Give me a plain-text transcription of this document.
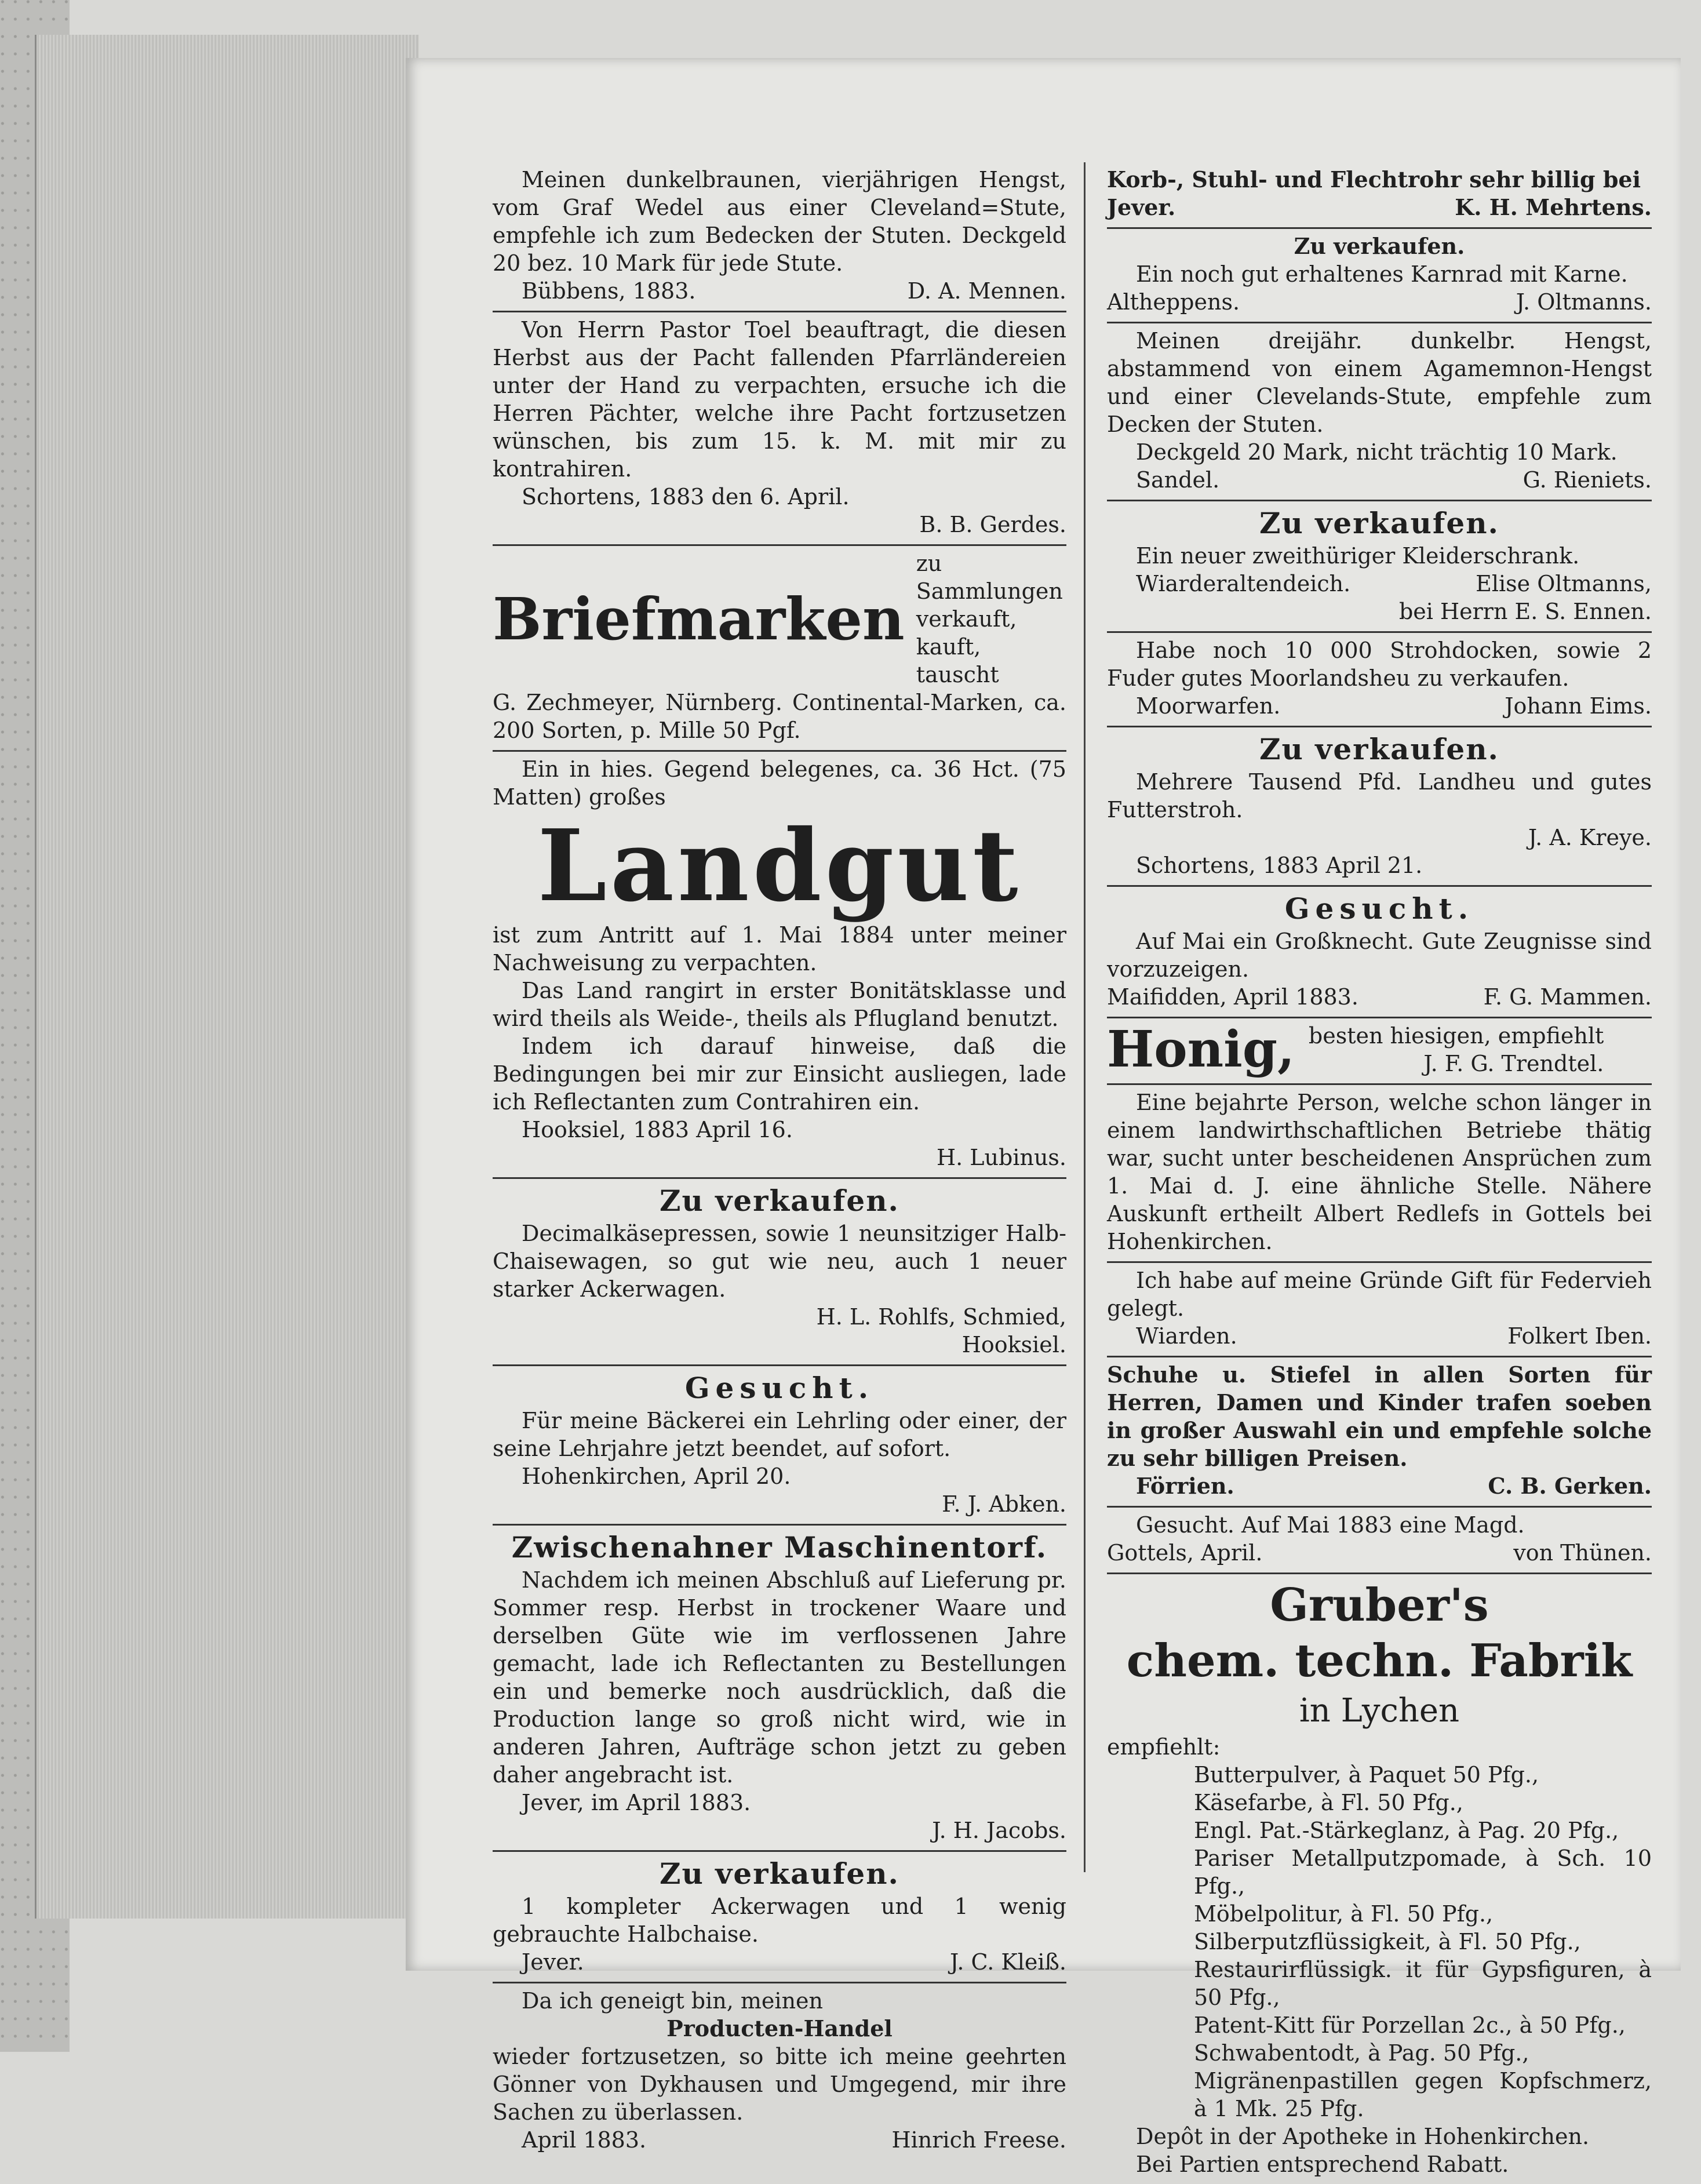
Meinen dunkelbraunen, vierjährigen Hengst, vom Graf Wedel aus einer Cleveland=Stute, empfehle ich zum Bedecken der Stuten. Deckgeld 20 bez. 10 Mark für jede Stute.

Bübbens, 1883.	D. A. Mennen.

Von Herrn Pastor Toel beauftragt, die diesen Herbst aus der Pacht fallenden Pfarrländereien unter der Hand zu verpachten, ersuche ich die Herren Pächter, welche ihre Pacht fortzusetzen wünschen, bis zum 15. k. M. mit mir zu kontrahiren.

Schortens, 1883 den 6. April.

B. B. Gerdes.

Briefmarken
zu Sammlungen verkauft, kauft, tauscht

G. Zechmeyer, Nürnberg. Continental-Marken, ca. 200 Sorten, p. Mille 50 Pgf.

Ein in hies. Gegend belegenes, ca. 36 Hct. (75 Matten) großes

Landgut

ist zum Antritt auf 1. Mai 1884 unter meiner Nachweisung zu verpachten.

Das Land rangirt in erster Bonitätsklasse und wird theils als Weide-, theils als Pflugland benutzt.

Indem ich darauf hinweise, daß die Bedingungen bei mir zur Einsicht ausliegen, lade ich Reflectanten zum Contrahiren ein.

Hooksiel, 1883 April 16.

H. Lubinus.

Zu verkaufen.

Decimalkäsepressen, sowie 1 neunsitziger Halb-Chaisewagen, so gut wie neu, auch 1 neuer starker Ackerwagen.

H. L. Rohlfs, Schmied,

Hooksiel.

Gesucht.

Für meine Bäckerei ein Lehrling oder einer, der seine Lehrjahre jetzt beendet, auf sofort.

Hohenkirchen, April 20.

F. J. Abken.

Zwischenahner Maschinentorf.

Nachdem ich meinen Abschluß auf Lieferung pr. Sommer resp. Herbst in trockener Waare und derselben Güte wie im verflossenen Jahre gemacht, lade ich Reflectanten zu Bestellungen ein und bemerke noch ausdrücklich, daß die Production lange so groß nicht wird, wie in anderen Jahren, Aufträge schon jetzt zu geben daher angebracht ist.

Jever, im April 1883.

J. H. Jacobs.

Zu verkaufen.

1 kompleter Ackerwagen und 1 wenig gebrauchte Halbchaise.

Jever.	J. C. Kleiß.

Da ich geneigt bin, meinen

Producten-Handel

wieder fortzusetzen, so bitte ich meine geehrten Gönner von Dykhausen und Umgegend, mir ihre Sachen zu überlassen.

April 1883.	Hinrich Freese.

Korb-, Stuhl- und Flechtrohr sehr billig bei

Jever.	K. H. Mehrtens.
Zu verkaufen.

Ein noch gut erhaltenes Karnrad mit Karne.

Altheppens.	J. Oltmanns.

Meinen dreijähr. dunkelbr. Hengst, abstammend von einem Agamemnon-Hengst und einer Clevelands-Stute, empfehle zum Decken der Stuten.

Deckgeld 20 Mark, nicht trächtig 10 Mark.

Sandel.	G. Rieniets.
Zu verkaufen.

Ein neuer zweithüriger Kleiderschrank.

Wiarderaltendeich.	Elise Oltmanns,

bei Herrn E. S. Ennen.

Habe noch 10 000 Strohdocken, sowie 2 Fuder gutes Moorlandsheu zu verkaufen.

Moorwarfen.	Johann Eims.
Zu verkaufen.

Mehrere Tausend Pfd. Landheu und gutes Futterstroh.

J. A. Kreye.

Schortens, 1883 April 21.

Gesucht.

Auf Mai ein Großknecht. Gute Zeugnisse sind vorzuzeigen.

Maifidden, April 1883.	F. G. Mammen.
Honig, besten hiesigen, empfiehlt

J. F. G. Trendtel.

Eine bejahrte Person, welche schon länger in einem landwirthschaftlichen Betriebe thätig war, sucht unter bescheidenen Ansprüchen zum 1. Mai d. J. eine ähnliche Stelle. Nähere Auskunft ertheilt Albert Redlefs in Gottels bei Hohenkirchen.

Ich habe auf meine Gründe Gift für Federvieh gelegt.

Wiarden.	Folkert Iben.

Schuhe u. Stiefel in allen Sorten für Herren, Damen und Kinder trafen soeben in großer Auswahl ein und empfehle solche zu sehr billigen Preisen.

Förrien.	C. B. Gerken.

Gesucht. Auf Mai 1883 eine Magd.

Gottels, April.	von Thünen.
Gruber's
chem. techn. Fabrik
in Lychen

empfiehlt:

Butterpulver, à Paquet 50 Pfg.,

Käsefarbe, à Fl. 50 Pfg.,

Engl. Pat.-Stärkeglanz, à Pag. 20 Pfg.,

Pariser Metallputzpomade, à Sch. 10 Pfg.,

Möbelpolitur, à Fl. 50 Pfg.,

Silberputzflüssigkeit, à Fl. 50 Pfg.,

Restaurirflüssigk. it für Gypsfiguren, à 50 Pfg.,

Patent-Kitt für Porzellan 2c., à 50 Pfg.,

Schwabentodt, à Pag. 50 Pfg.,

Migränenpastillen gegen Kopfschmerz, à 1 Mk. 25 Pfg.

Depôt in der Apotheke in Hohenkirchen.

Bei Partien entsprechend Rabatt.
